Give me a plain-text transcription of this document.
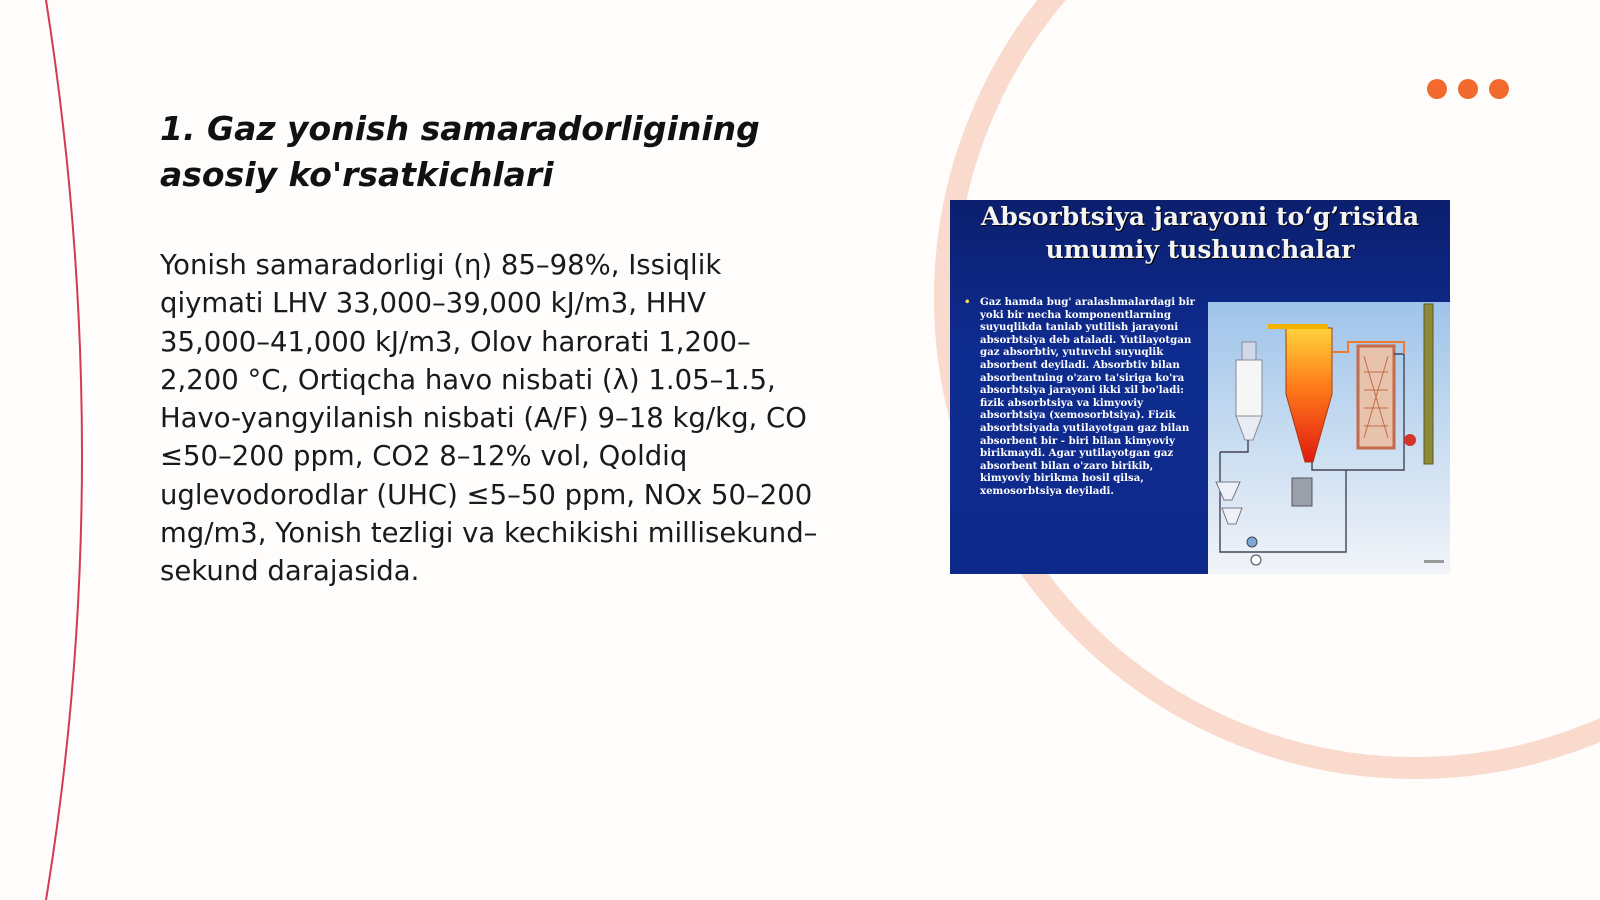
1. Gaz yonish samaradorligining asosiy ko'rsatkichlari

Yonish samaradorligi (η) 85–98%, Issiqlik qiymati LHV 33,000–39,000 kJ/m3, HHV 35,000–41,000 kJ/m3, Olov harorati 1,200–2,200 °C, Ortiqcha havo nisbati (λ) 1.05–1.5, Havo-yangyilanish nisbati (A/F) 9–18 kg/kg, CO ≤50–200 ppm, CO2 8–12% vol, Qoldiq uglevodorodlar (UHC) ≤5–50 ppm, NOx 50–200 mg/m3, Yonish tezligi va kechikishi millisekund–sekund darajasida.

Absorbtsiya jarayoni to‘g’risida umumiy tushunchalar

• Gaz hamda bug' aralashmalardagi bir yoki bir necha komponentlarning suyuqlikda tanlab yutilish jarayoni absorbtsiya deb ataladi. Yutilayotgan gaz absorbtiv, yutuvchi suyuqlik absorbent deyiladi. Absorbtiv bilan absorbentning o'zaro ta'siriga ko'ra absorbtsiya jarayoni ikki xil bo'ladi: fizik absorbtsiya va kimyoviy absorbtsiya (xemosorbtsiya). Fizik absorbtsiyada yutilayotgan gaz bilan absorbent bir - biri bilan kimyoviy birikmaydi. Agar yutilayotgan gaz absorbent bilan o'zaro birikib, kimyoviy birikma hosil qilsa, xemosorbtsiya deyiladi.
